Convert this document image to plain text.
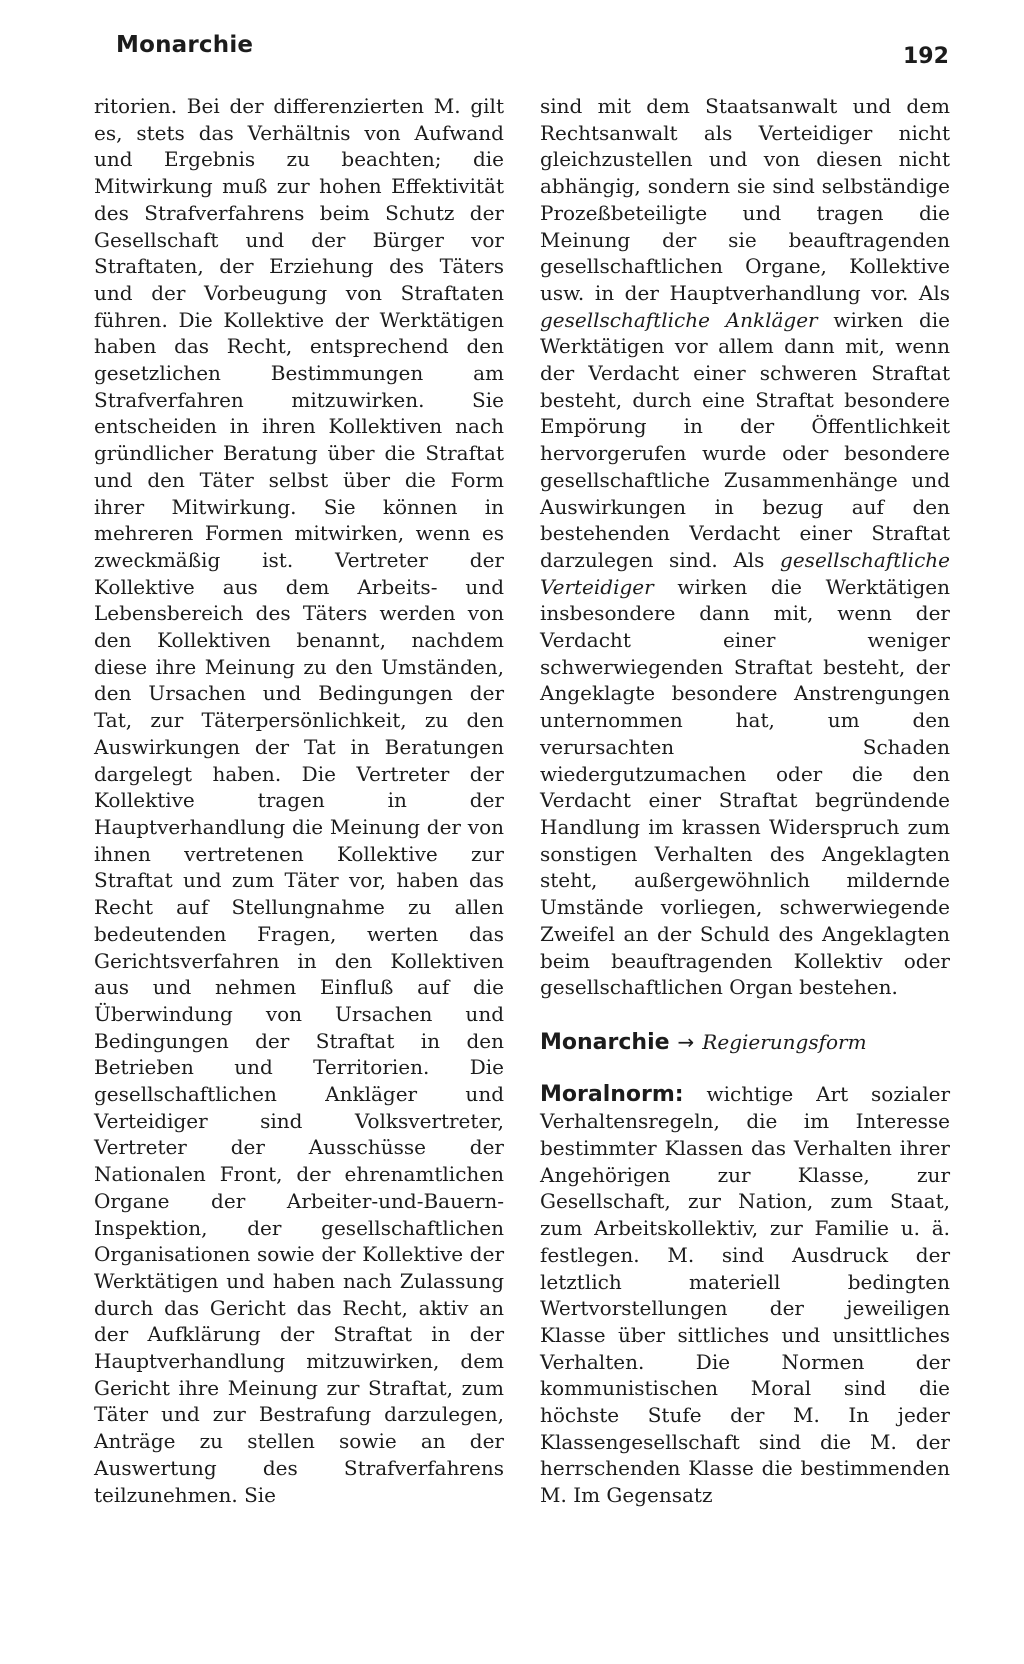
Monarchie	192

ritorien. Bei der differenzierten M. gilt es, stets das Verhältnis von Aufwand und Ergebnis zu beachten; die Mitwirkung muß zur hohen Effektivität des Strafverfahrens beim Schutz der Gesellschaft und der Bürger vor Straftaten, der Erziehung des Täters und der Vorbeugung von Straftaten führen. Die Kollektive der Werktätigen haben das Recht, entsprechend den gesetzlichen Bestimmungen am Strafverfahren mitzuwirken. Sie entscheiden in ihren Kollektiven nach gründlicher Beratung über die Straftat und den Täter selbst über die Form ihrer Mitwirkung. Sie können in mehreren Formen mitwirken, wenn es zweckmäßig ist. Vertreter der Kollektive aus dem Arbeits- und Lebensbereich des Täters werden von den Kollektiven benannt, nachdem diese ihre Meinung zu den Umständen, den Ursachen und Bedingungen der Tat, zur Täterpersönlichkeit, zu den Auswirkungen der Tat in Beratungen dargelegt haben. Die Vertreter der Kollektive tragen in der Hauptverhandlung die Meinung der von ihnen vertretenen Kollektive zur Straftat und zum Täter vor, haben das Recht auf Stellungnahme zu allen bedeutenden Fragen, werten das Gerichtsverfahren in den Kollektiven aus und nehmen Einfluß auf die Überwindung von Ursachen und Bedingungen der Straftat in den Betrieben und Territorien. Die gesellschaftlichen Ankläger und Verteidiger sind Volksvertreter, Vertreter der Ausschüsse der Nationalen Front, der ehrenamtlichen Organe der Arbeiter-und-Bauern-Inspektion, der gesellschaftlichen Organisationen sowie der Kollektive der Werktätigen und haben nach Zulassung durch das Gericht das Recht, aktiv an der Aufklärung der Straftat in der Hauptverhandlung mitzuwirken, dem Gericht ihre Meinung zur Straftat, zum Täter und zur Bestrafung darzulegen, Anträge zu stellen sowie an der Auswertung des Strafverfahrens teilzunehmen. Sie

sind mit dem Staatsanwalt und dem Rechtsanwalt als Verteidiger nicht gleichzustellen und von diesen nicht abhängig, sondern sie sind selbständige Prozeßbeteiligte und tragen die Meinung der sie beauftragenden gesellschaftlichen Organe, Kollektive usw. in der Hauptverhandlung vor. Als gesellschaftliche Ankläger wirken die Werktätigen vor allem dann mit, wenn der Verdacht einer schweren Straftat besteht, durch eine Straftat besondere Empörung in der Öffentlichkeit hervorgerufen wurde oder besondere gesellschaftliche Zusammenhänge und Auswirkungen in bezug auf den bestehenden Verdacht einer Straftat darzulegen sind. Als gesellschaftliche Verteidiger wirken die Werktätigen insbesondere dann mit, wenn der Verdacht einer weniger schwerwiegenden Straftat besteht, der Angeklagte besondere Anstrengungen unternommen hat, um den verursachten Schaden wiedergutzumachen oder die den Verdacht einer Straftat begründende Handlung im krassen Widerspruch zum sonstigen Verhalten des Angeklagten steht, außergewöhnlich mildernde Umstände vorliegen, schwerwiegende Zweifel an der Schuld des Angeklagten beim beauftragenden Kollektiv oder gesellschaftlichen Organ bestehen.

Monarchie → Regierungsform

Moralnorm: wichtige Art sozialer Verhaltensregeln, die im Interesse bestimmter Klassen das Verhalten ihrer Angehörigen zur Klasse, zur Gesellschaft, zur Nation, zum Staat, zum Arbeitskollektiv, zur Familie u. ä. festlegen. M. sind Ausdruck der letztlich materiell bedingten Wertvorstellungen der jeweiligen Klasse über sittliches und unsittliches Verhalten. Die Normen der kommunistischen Moral sind die höchste Stufe der M. In jeder Klassengesellschaft sind die M. der herrschenden Klasse die bestimmenden M. Im Gegensatz
